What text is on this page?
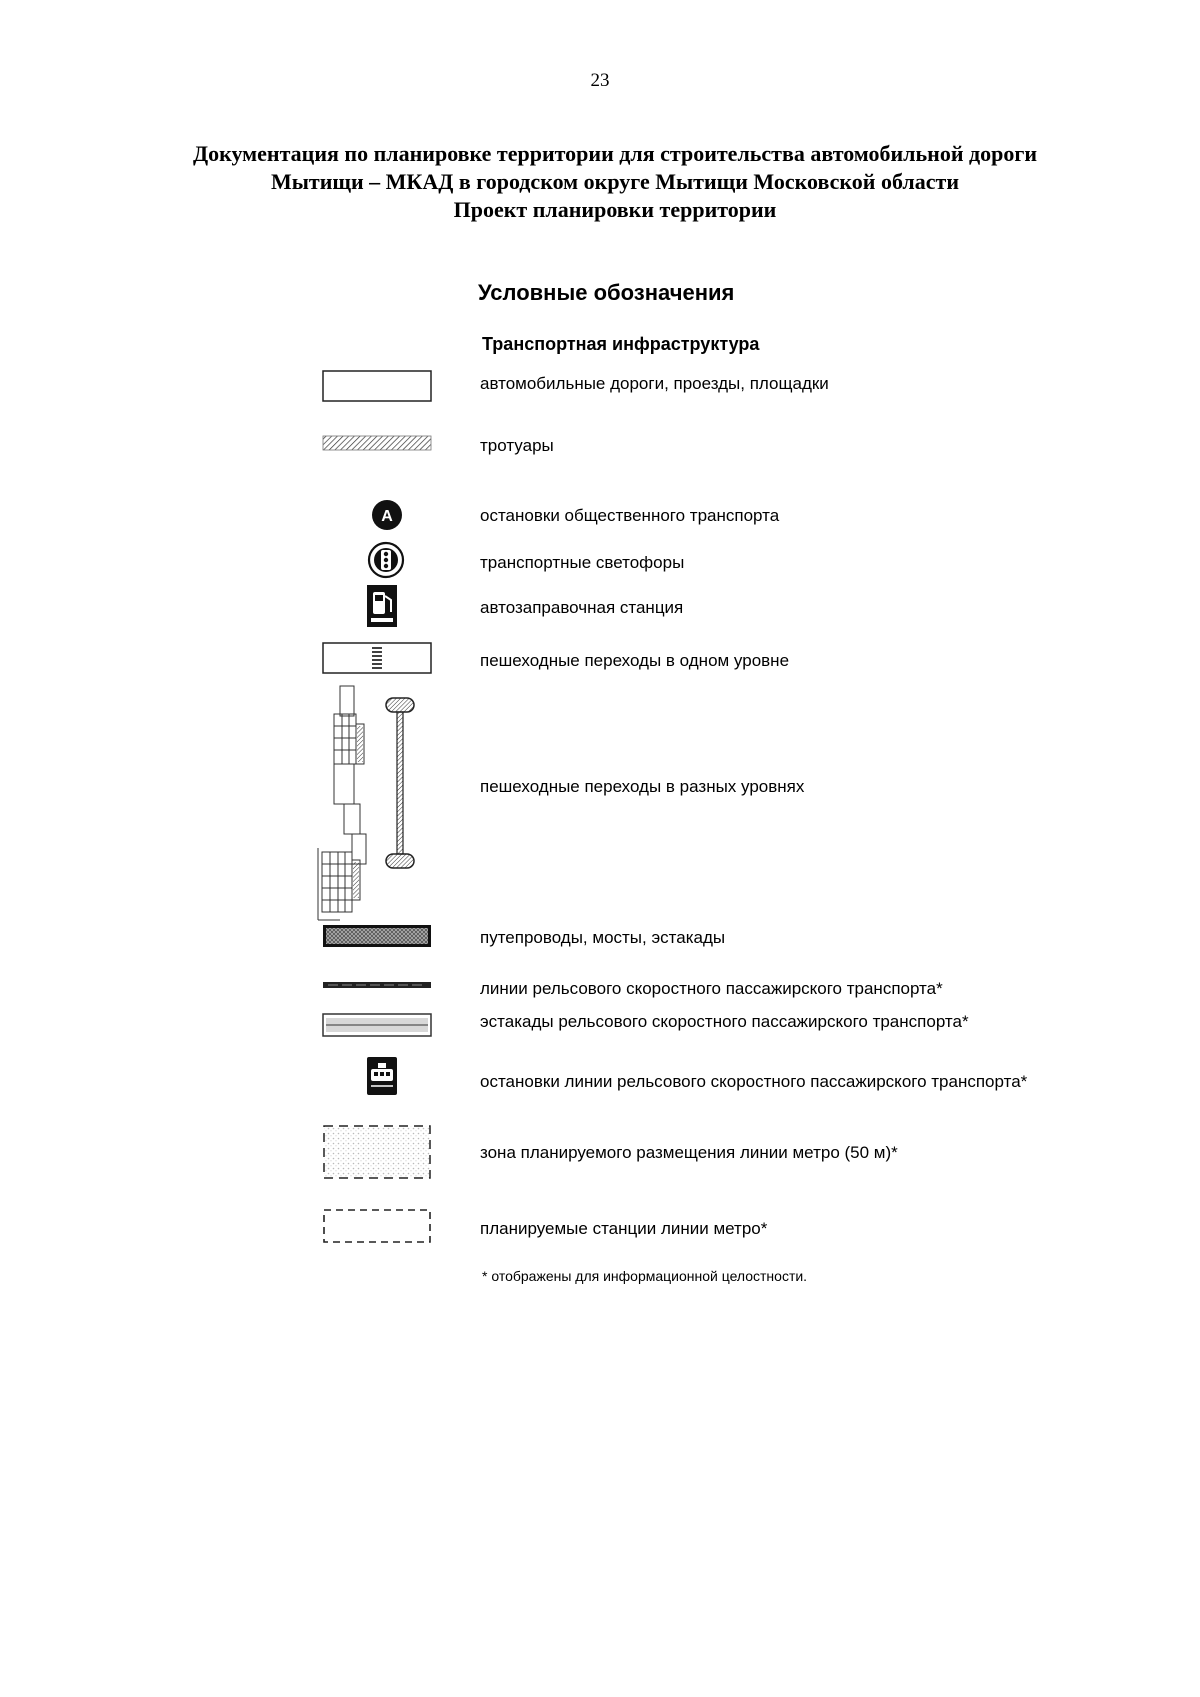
23
Документация по планировке территории для строительства автомобильной дороги
Мытищи – МКАД в городском округе Мытищи Московской области
Проект планировки территории
Условные обозначения
Транспортная инфраструктура
A
автомобильные дороги, проезды, площадки
тротуары
остановки общественного транспорта
транспортные светофоры
автозаправочная станция
пешеходные переходы в одном уровне
пешеходные переходы в разных уровнях
путепроводы, мосты, эстакады
линии рельсового скоростного пассажирского транспорта*
эстакады рельсового скоростного пассажирского транспорта*
остановки линии рельсового скоростного пассажирского транспорта*
зона планируемого размещения линии метро (50 м)*
планируемые станции линии метро*
* отображены для информационной целостности.
